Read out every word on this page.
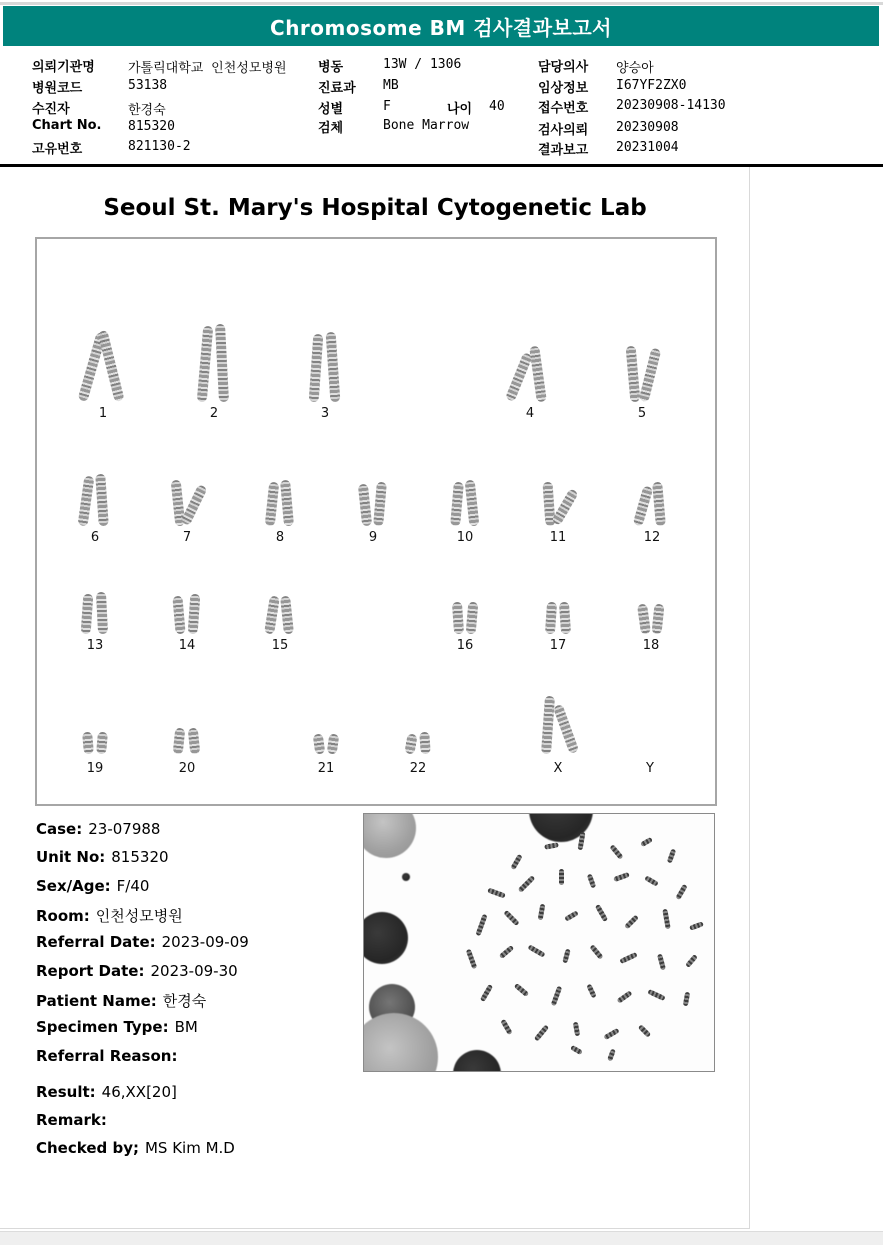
Chromosome BM 검사결과보고서
의뢰기관명	가톨릭대학교 인천성모병원
병원코드	53138
수진자	한경숙
Chart No. 815320
고유번호	821130-2
병동	13W / 1306
진료과 MB
성별	F	나이 40
검체	Bone Marrow
담당의사 양승아
임상정보 I67YF2ZX0
접수번호 20230908-14130
검사의뢰 20230908
결과보고 20231004
Seoul St. Mary's Hospital Cytogenetic Lab
1	2	3	4	5
6	7	8	9	10	11	12
13	14	15	16	17	18
19	20	21	22	X	Y
Case: 23-07988
Unit No: 815320
Sex/Age: F/40
Room: 인천성모병원
Referral Date: 2023-09-09
Report Date: 2023-09-30
Patient Name: 한경숙
Specimen Type: BM
Referral Reason:
Result: 46,XX[20]
Remark:
Checked by; MS Kim M.D
